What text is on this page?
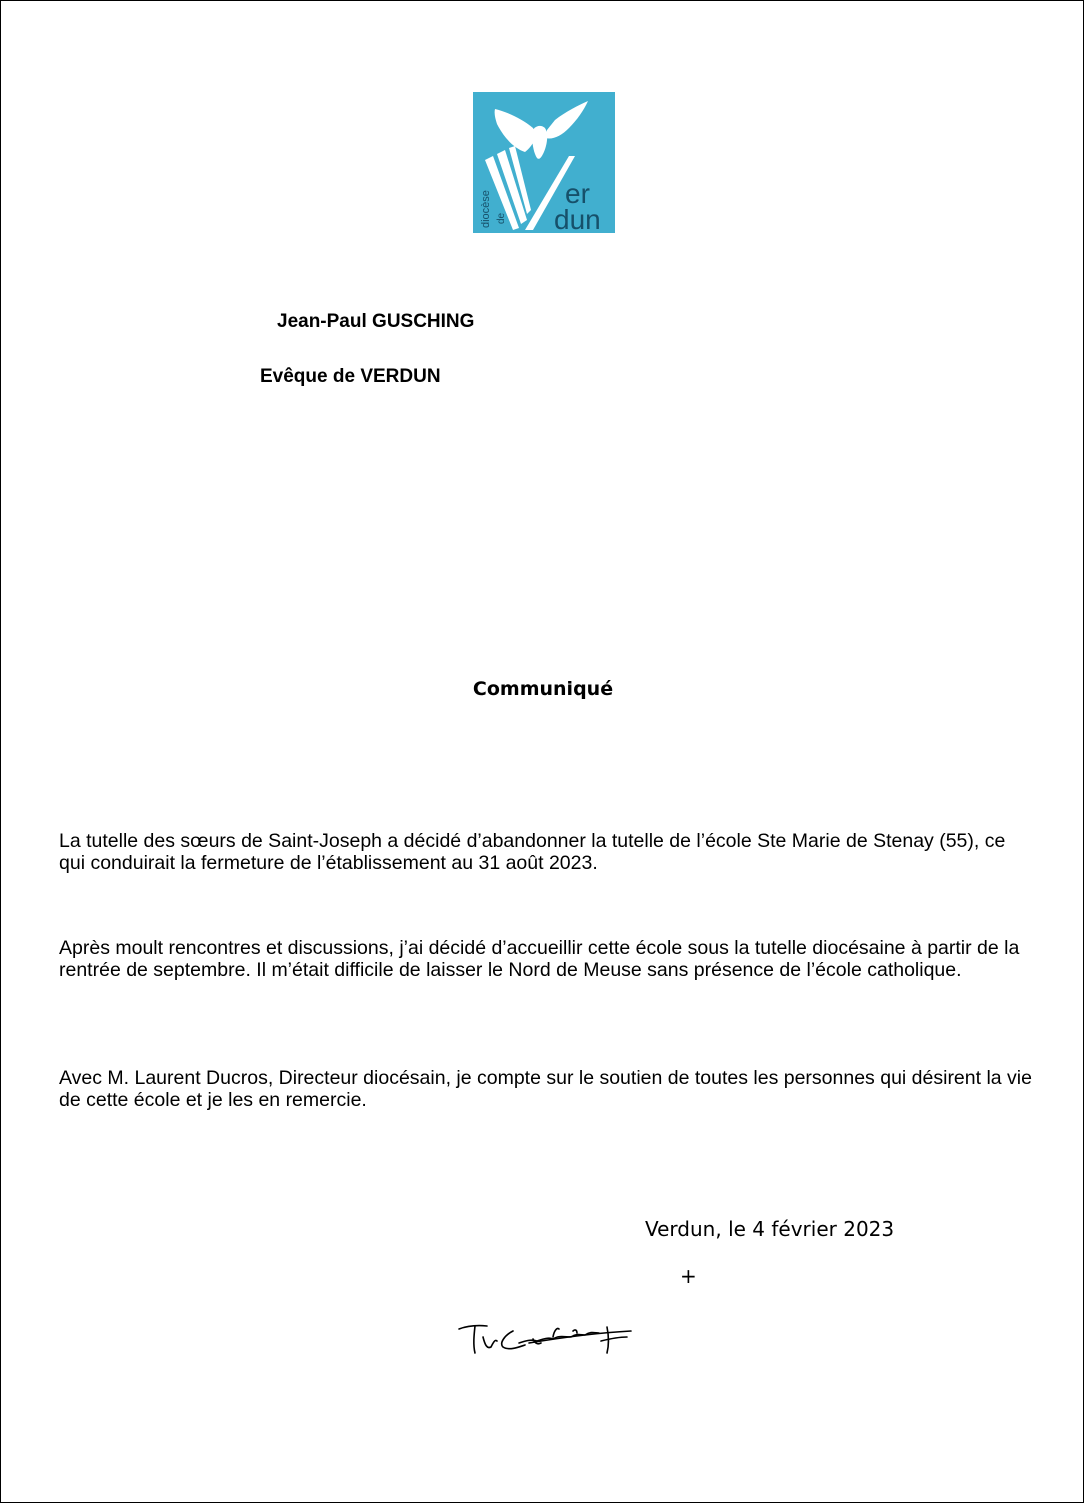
diocèse de
er
dun
Jean-Paul GUSCHING
Evêque de VERDUN
Communiqué
La tutelle des sœurs de Saint-Joseph a décidé d’abandonner la tutelle de l’école Ste Marie de Stenay (55), ce qui conduirait la fermeture de l’établissement au 31 août 2023.
Après moult rencontres et discussions, j’ai décidé d’accueillir cette école sous la tutelle diocésaine à partir de la rentrée de septembre. Il m’était difficile de laisser le Nord de Meuse sans présence de l’école catholique.
Avec M. Laurent Ducros, Directeur diocésain, je compte sur le soutien de toutes les personnes qui désirent la vie de cette école et je les en remercie.
Verdun, le 4 février 2023
+
